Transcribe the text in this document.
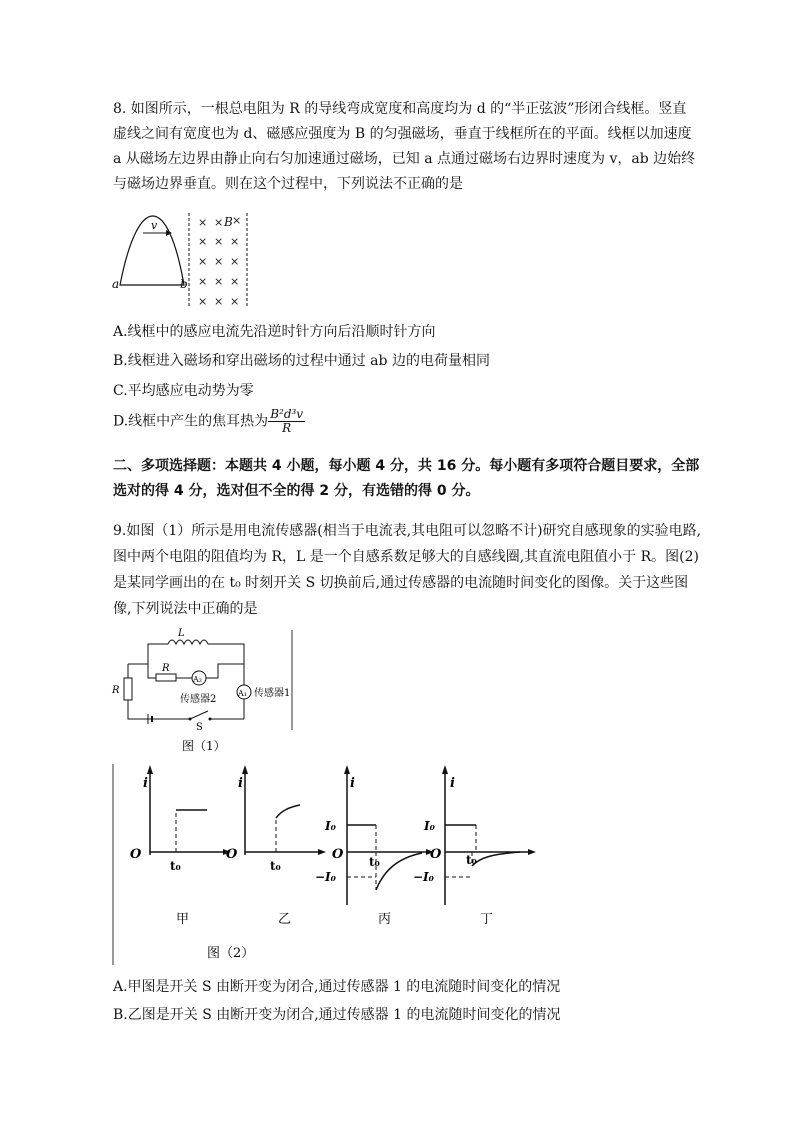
8. 如图所示，一根总电阻为 R 的导线弯成宽度和高度均为 d 的“半正弦波”形闭合线框。竖直
虚线之间有宽度也为 d、磁感应强度为 B 的匀强磁场，垂直于线框所在的平面。线框以加速度
a 从磁场左边界由静止向右匀加速通过磁场，已知 a 点通过磁场右边界时速度为 v，ab 边始终
与磁场边界垂直。则在这个过程中，下列说法不正确的是
v
a	b
× × B ×
× × ×
× × ×
× × ×
× × ×
A.线框中的感应电流先沿逆时针方向后沿顺时针方向
B.线框进入磁场和穿出磁场的过程中通过 ab 边的电荷量相同
C.平均感应电动势为零
D.线框中产生的焦耳热为 $\frac{\text{B²d³v}}{R}$
二、多项选择题：本题共 4 小题，每小题 4 分，共 16 分。每小题有多项符合题目要求，全部
选对的得 4 分，选对但不全的得 2 分，有选错的得 0 分。
9.如图（1）所示是用电流传感器(相当于电流表,其电阻可以忽略不计)研究自感现象的实验电路,
图中两个电阻的阻值均为 R，L 是一个自感系数足够大的自感线圈,其直流电阻值小于 R。图(2)
是某同学画出的在 t₀ 时刻开关 S 切换前后,通过传感器的电流随时间变化的图像。关于这些图
像,下列说法中正确的是
S
R
L
R
A₂
传感器2
A₁ 传感器1
图（1）
i
O
t₀
甲
i
O
t₀
乙
i
O
I₀
−I₀
t₀
丙
i
O
I₀
−I₀
t₀
丁
图（2）
A.甲图是开关 S 由断开变为闭合,通过传感器 1 的电流随时间变化的情况
B.乙图是开关 S 由断开变为闭合,通过传感器 1 的电流随时间变化的情况
